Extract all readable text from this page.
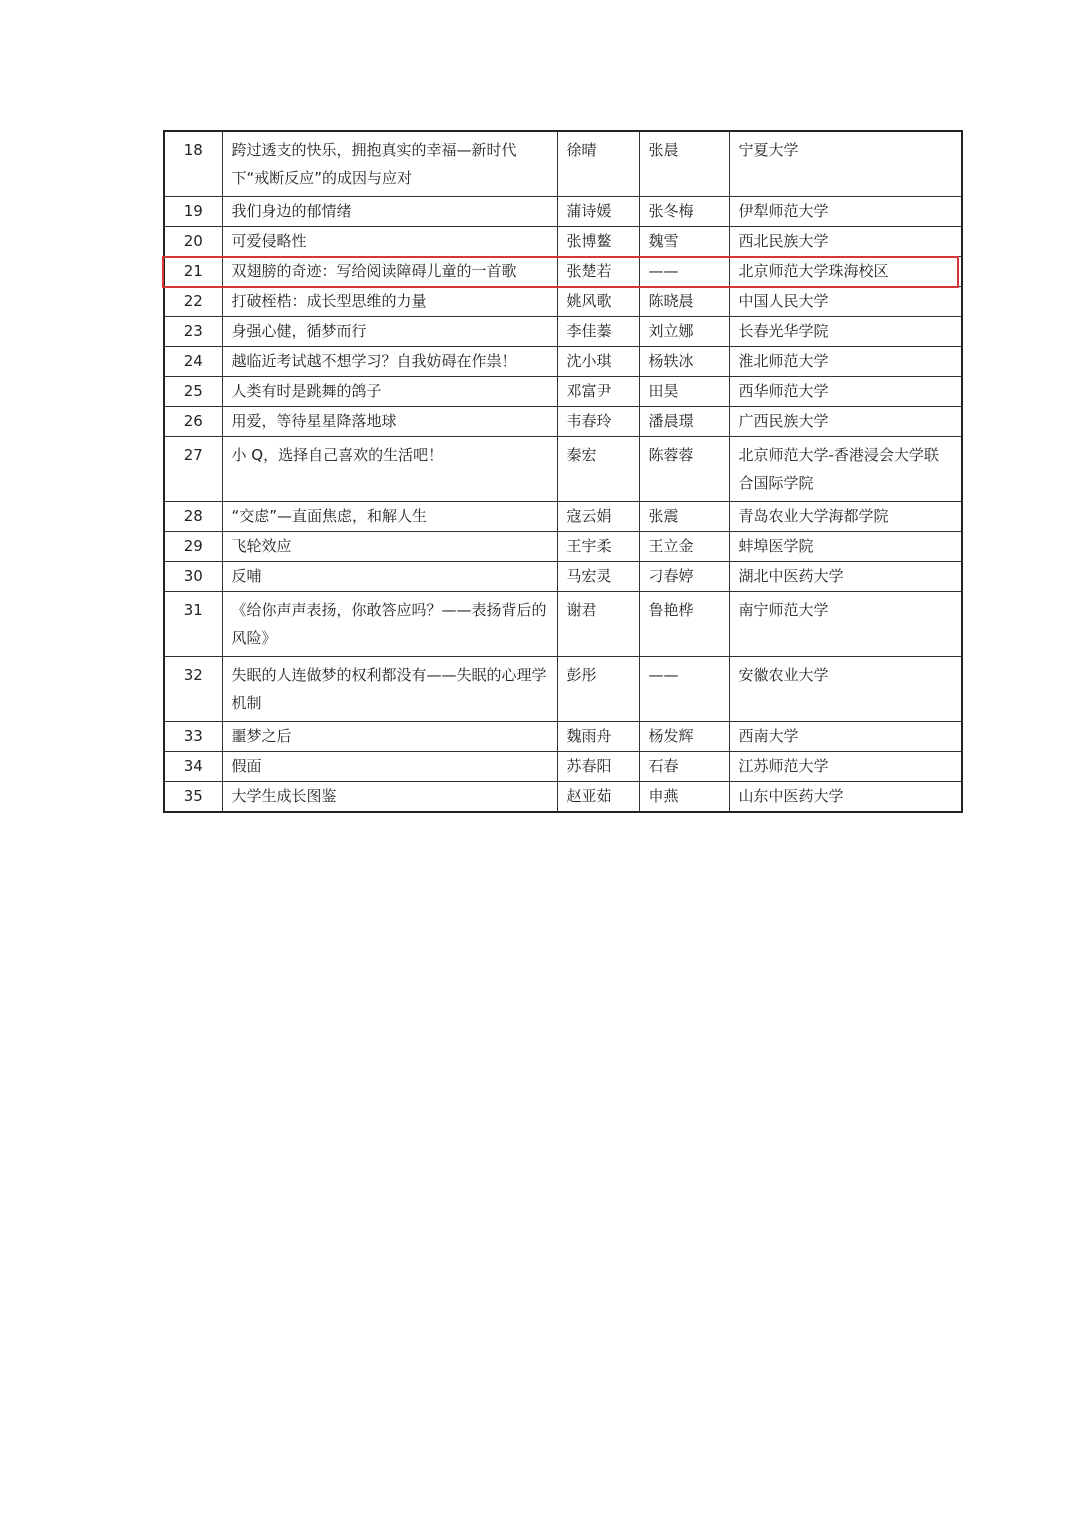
18	跨过透支的快乐，拥抱真实的幸福—新时代下“戒断反应”的成因与应对	徐晴	张晨	宁夏大学
19	我们身边的郁情绪	蒲诗媛	张冬梅	伊犁师范大学
20	可爱侵略性	张博鳌	魏雪	西北民族大学
21	双翅膀的奇迹：写给阅读障碍儿童的一首歌	张楚若	——	北京师范大学珠海校区
22	打破桎梏：成长型思维的力量	姚风歌	陈晓晨	中国人民大学
23	身强心健，循梦而行	李佳蓁	刘立娜	长春光华学院
24	越临近考试越不想学习？自我妨碍在作祟！	沈小琪	杨轶冰	淮北师范大学
25	人类有时是跳舞的鸽子	邓富尹	田昊	西华师范大学
26	用爱，等待星星降落地球	韦春玲	潘晨璟	广西民族大学
27	小 Q，选择自己喜欢的生活吧！	秦宏	陈蓉蓉	北京师范大学-香港浸会大学联合国际学院
28	“交虑”—直面焦虑，和解人生	寇云娟	张震	青岛农业大学海都学院
29	飞轮效应	王宇柔	王立金	蚌埠医学院
30	反哺	马宏灵	刁春婷	湖北中医药大学
31	《给你声声表扬，你敢答应吗？——表扬背后的风险》	谢君	鲁艳桦	南宁师范大学
32	失眠的人连做梦的权利都没有——失眠的心理学机制	彭彤	——	安徽农业大学
33	噩梦之后	魏雨舟	杨发辉	西南大学
34	假面	苏春阳	石春	江苏师范大学
35	大学生成长图鉴	赵亚茹	申燕	山东中医药大学
